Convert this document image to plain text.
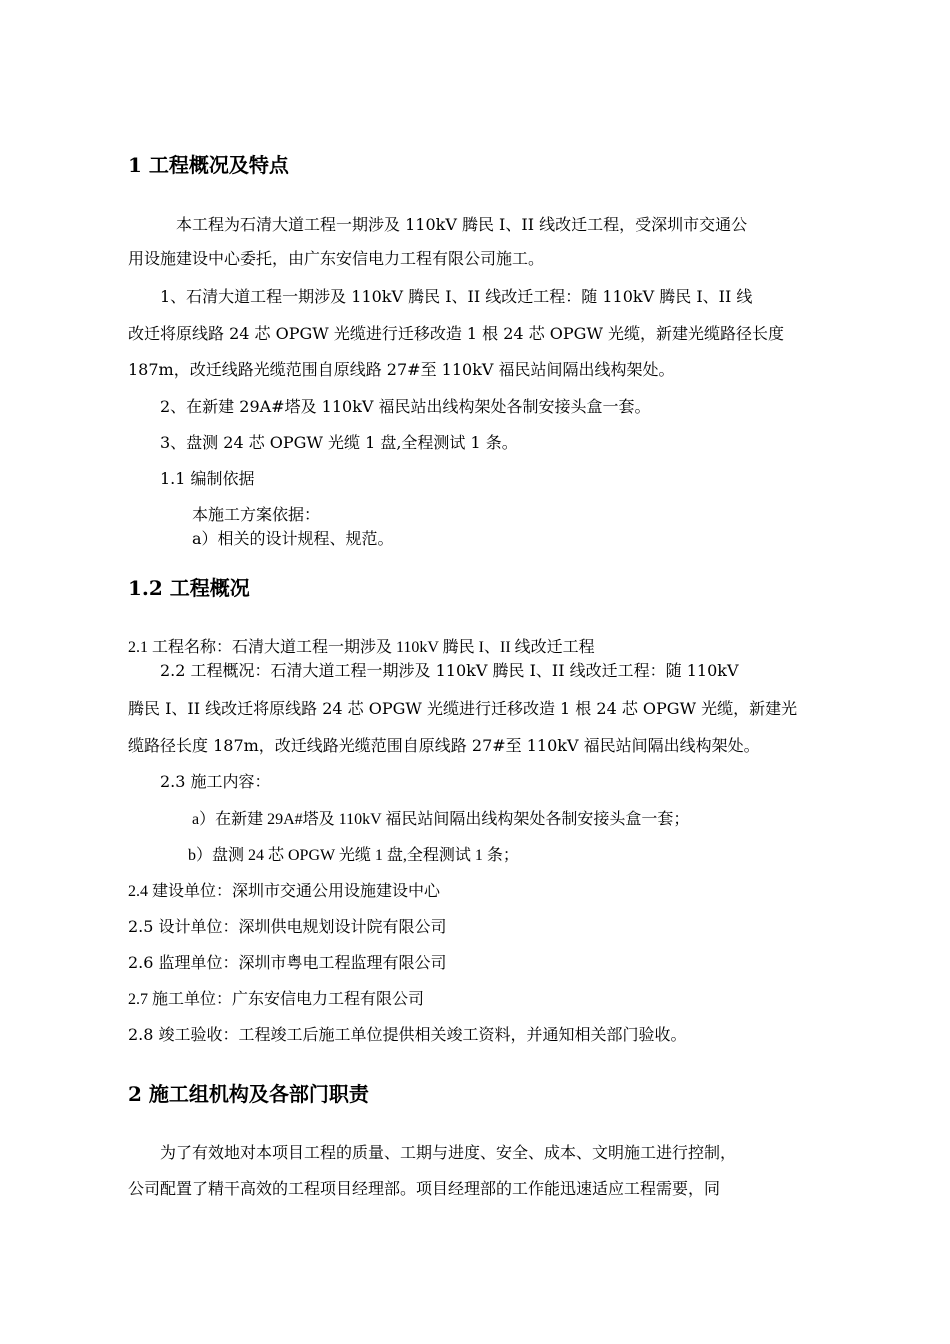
1 工程概况及特点
本工程为石清大道工程一期涉及 110kV 腾民 I、II 线改迁工程，受深圳市交通公
用设施建设中心委托，由广东安信电力工程有限公司施工。
1、石清大道工程一期涉及 110kV 腾民 I、II 线改迁工程：随 110kV 腾民 I、II 线
改迁将原线路 24 芯 OPGW 光缆进行迁移改造 1 根 24 芯 OPGW 光缆，新建光缆路径长度
187m，改迁线路光缆范围自原线路 27#至 110kV 福民站间隔出线构架处。
2、在新建 29A#塔及 110kV 福民站出线构架处各制安接头盒一套。
3、盘测 24 芯 OPGW 光缆 1 盘,全程测试 1 条。
1.1 编制依据
本施工方案依据：
a）相关的设计规程、规范。
1.2 工程概况
2.1 工程名称：石清大道工程一期涉及 110kV 腾民 I、II 线改迁工程
2.2 工程概况：石清大道工程一期涉及 110kV 腾民 I、II 线改迁工程：随 110kV
腾民 I、II 线改迁将原线路 24 芯 OPGW 光缆进行迁移改造 1 根 24 芯 OPGW 光缆，新建光
缆路径长度 187m，改迁线路光缆范围自原线路 27#至 110kV 福民站间隔出线构架处。
2.3 施工内容：
a）在新建 29A#塔及 110kV 福民站间隔出线构架处各制安接头盒一套；
b）盘测 24 芯 OPGW 光缆 1 盘,全程测试 1 条；
2.4 建设单位：深圳市交通公用设施建设中心
2.5 设计单位：深圳供电规划设计院有限公司
2.6 监理单位：深圳市粤电工程监理有限公司
2.7 施工单位：广东安信电力工程有限公司
2.8 竣工验收：工程竣工后施工单位提供相关竣工资料，并通知相关部门验收。
2 施工组机构及各部门职责
为了有效地对本项目工程的质量、工期与进度、安全、成本、文明施工进行控制，
公司配置了精干高效的工程项目经理部。项目经理部的工作能迅速适应工程需要，同
